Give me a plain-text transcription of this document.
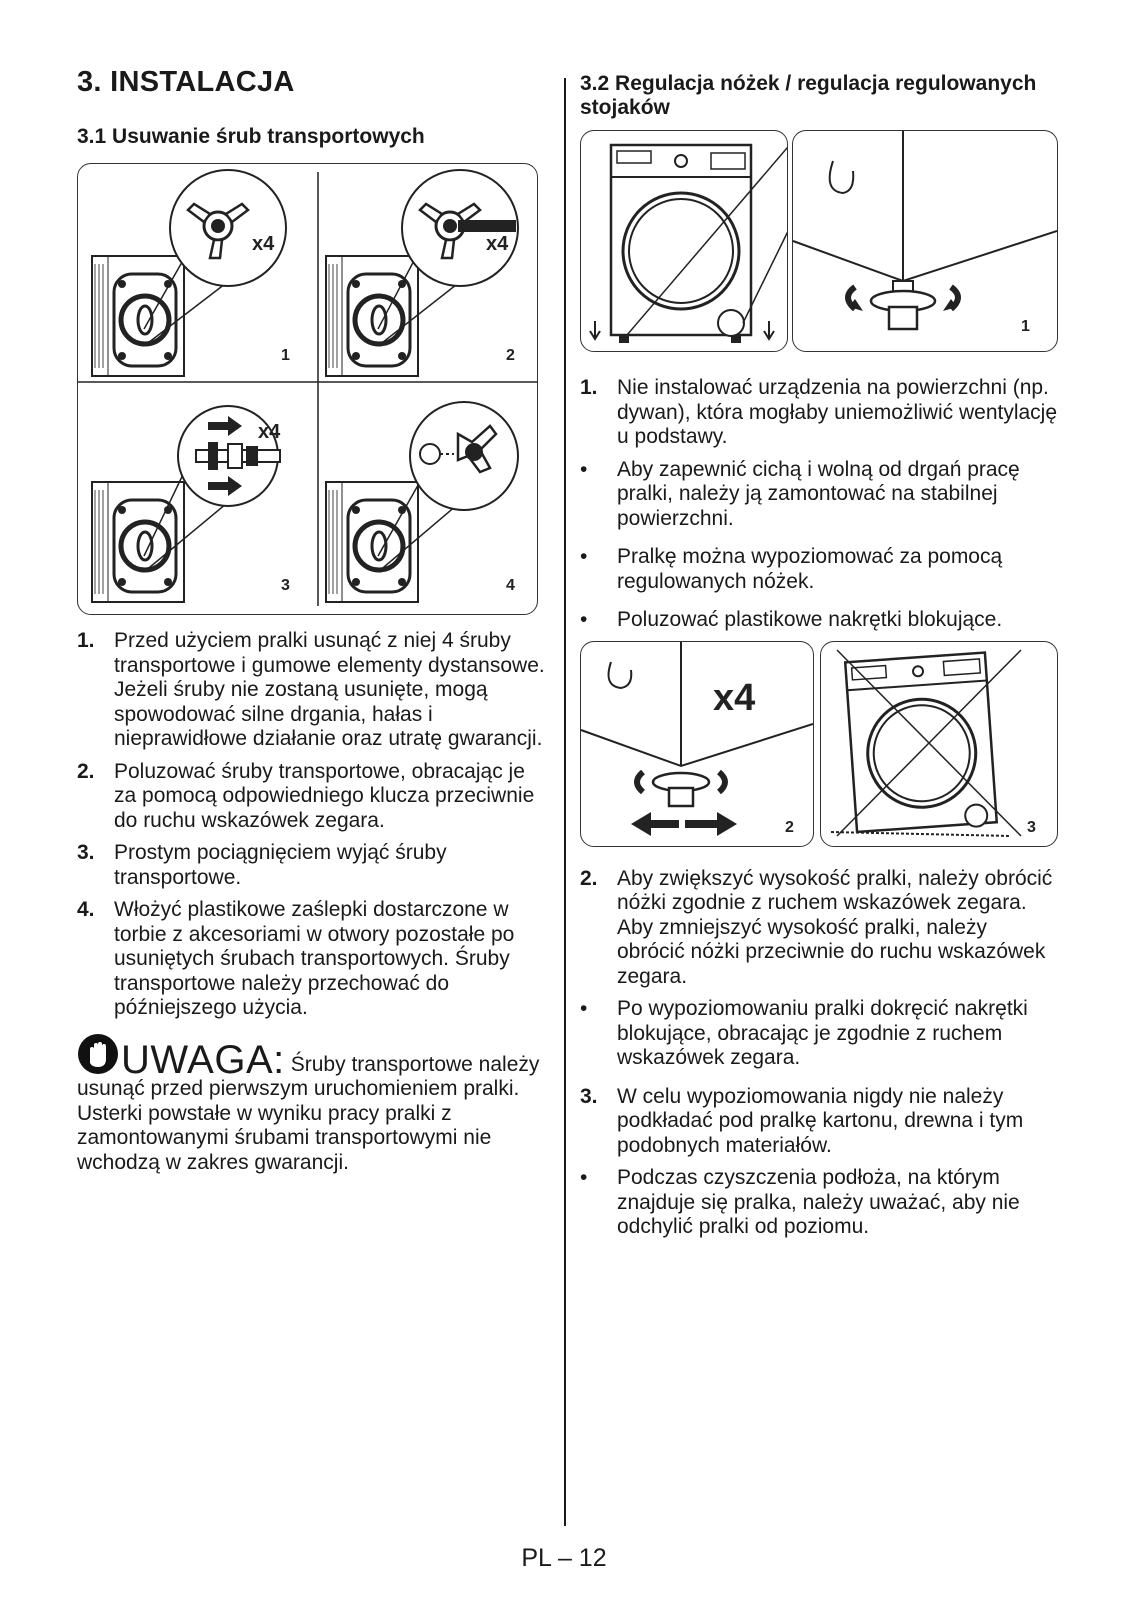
3. INSTALACJA
3.1 Usuwanie śrub transportowych
x4
1
x4
2
x4
3	4
1. Przed użyciem pralki usunąć z niej 4 śruby transportowe i gumowe elementy dystansowe. Jeżeli śruby nie zostaną usunięte, mogą spowodować silne drgania, hałas i nieprawidłowe działanie oraz utratę gwarancji.
2. Poluzować śruby transportowe, obracając je za pomocą odpowiedniego klucza przeciwnie do ruchu wskazówek zegara.
3. Prostym pociągnięciem wyjąć śruby transportowe.
4. Włożyć plastikowe zaślepki dostarczone w torbie z akcesoriami w otwory pozostałe po usuniętych śrubach transportowych. Śruby transportowe należy przechować do późniejszego użycia.
UWAGA: Śruby transportowe należy usunąć przed pierwszym uruchomieniem pralki. Usterki powstałe w wyniku pracy pralki z zamontowanymi śrubami transportowymi nie wchodzą w zakres gwarancji.
3.2 Regulacja nóżek / regulacja regulowanych stojaków
1
1. Nie instalować urządzenia na powierzchni (np. dywan), która mogłaby uniemożliwić wentylację u podstawy.
• Aby zapewnić cichą i wolną od drgań pracę pralki, należy ją zamontować na stabilnej powierzchni.
• Pralkę można wypoziomować za pomocą regulowanych nóżek.
• Poluzować plastikowe nakrętki blokujące.
x4
2	3
2. Aby zwiększyć wysokość pralki, należy obrócić nóżki zgodnie z ruchem wskazówek zegara. Aby zmniejszyć wysokość pralki, należy obrócić nóżki przeciwnie do ruchu wskazówek zegara.
• Po wypoziomowaniu pralki dokręcić nakrętki blokujące, obracając je zgodnie z ruchem wskazówek zegara.
3. W celu wypoziomowania nigdy nie należy podkładać pod pralkę kartonu, drewna i tym podobnych materiałów.
• Podczas czyszczenia podłoża, na którym znajduje się pralka, należy uważać, aby nie odchylić pralki od poziomu.
PL – 12
